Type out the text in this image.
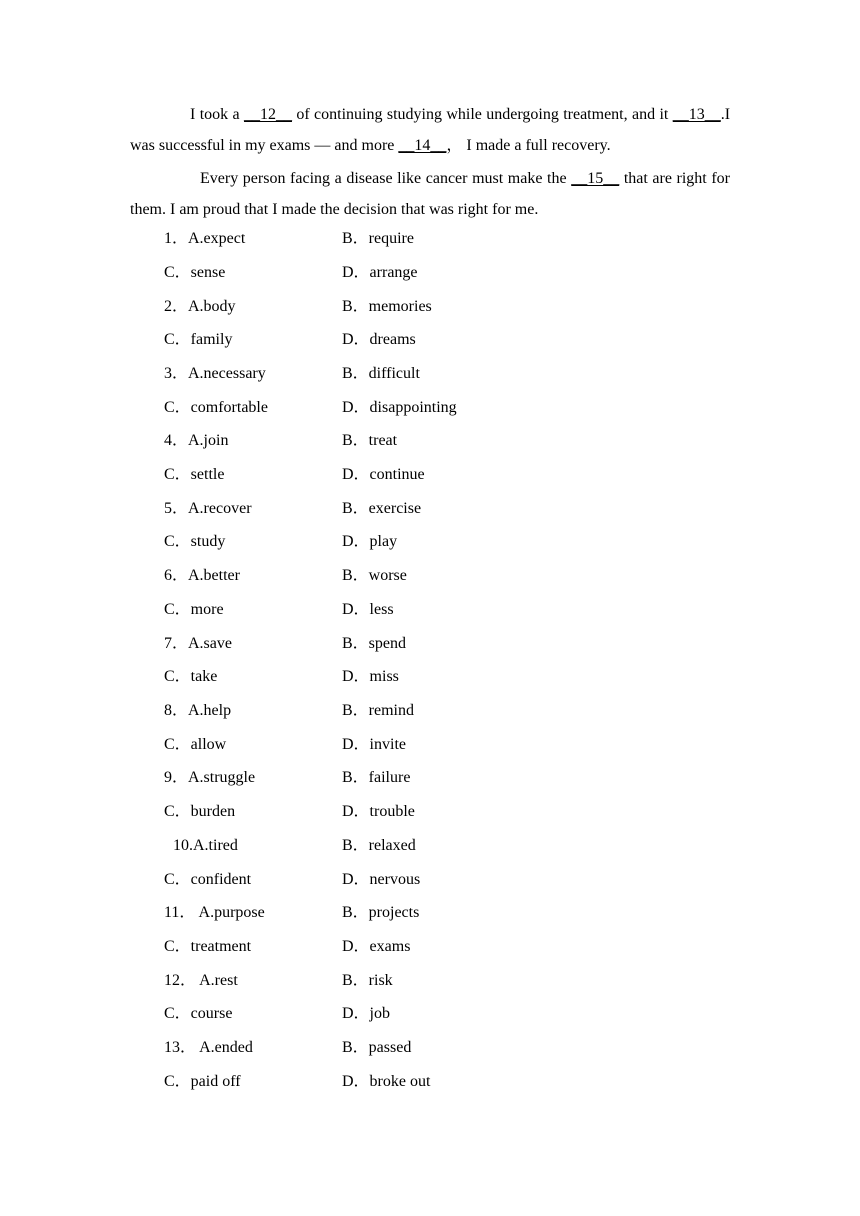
I took a __12__ of continuing studying while undergoing treatment, and it __13__.I was successful in my exams — and more __14__， I made a full recovery.

Every person facing a disease like cancer must make the __15__ that are right for them. I am proud that I made the decision that was right for me.

1．A.expect	B．require
C．sense	D．arrange
2．A.body	B．memories
C．family	D．dreams
3．A.necessary	B．difficult
C．comfortable	D．disappointing
4．A.join	B．treat
C．settle	D．continue
5．A.recover	B．exercise
C．study	D．play
6．A.better	B．worse
C．more	D．less
7．A.save	B．spend
C．take	D．miss
8．A.help	B．remind
C．allow	D．invite
9．A.struggle	B．failure
C．burden	D．trouble
10.A.tired	B．relaxed
C．confident	D．nervous
11． A.purpose	B．projects
C．treatment	D．exams
12． A.rest	B．risk
C．course	D．job
13． A.ended	B．passed
C．paid off	D．broke out
